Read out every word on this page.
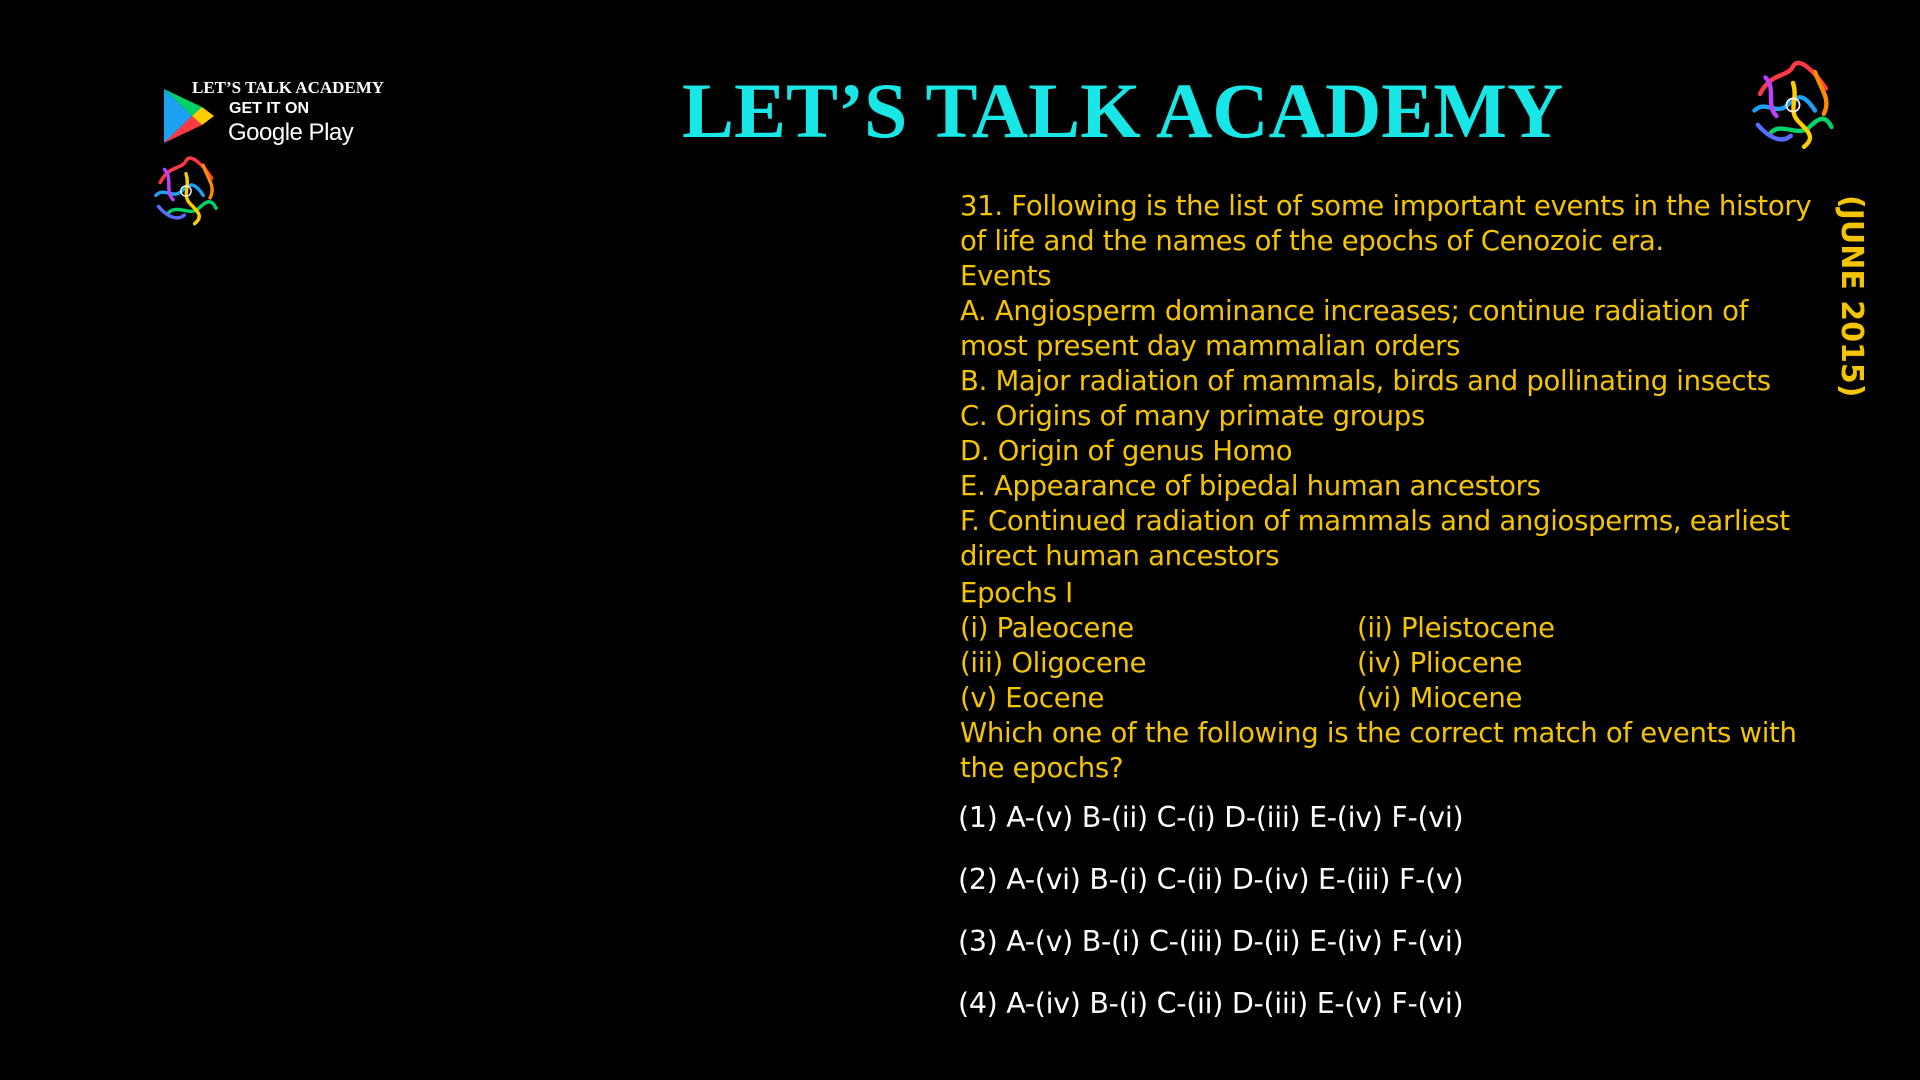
LET’S TALK ACADEMY
GET IT ON
Google Play	LET’S TALK ACADEMY
(JUNE 2015)
31. Following is the list of some important events in the history
of life and the names of the epochs of Cenozoic era.
Events
A. Angiosperm dominance increases; continue radiation of
most present day mammalian orders
B. Major radiation of mammals, birds and pollinating insects
C. Origins of many primate groups
D. Origin of genus Homo
E. Appearance of bipedal human ancestors
F. Continued radiation of mammals and angiosperms, earliest
direct human ancestors
Epochs I
(i) Paleocene	(ii) Pleistocene
(iii) Oligocene	(iv) Pliocene
(v) Eocene	(vi) Miocene
Which one of the following is the correct match of events with
the epochs?
(1) A-(v) B-(ii) C-(i) D-(iii) E-(iv) F-(vi)
(2) A-(vi) B-(i) C-(ii) D-(iv) E-(iii) F-(v)
(3) A-(v) B-(i) C-(iii) D-(ii) E-(iv) F-(vi)
(4) A-(iv) B-(i) C-(ii) D-(iii) E-(v) F-(vi)
